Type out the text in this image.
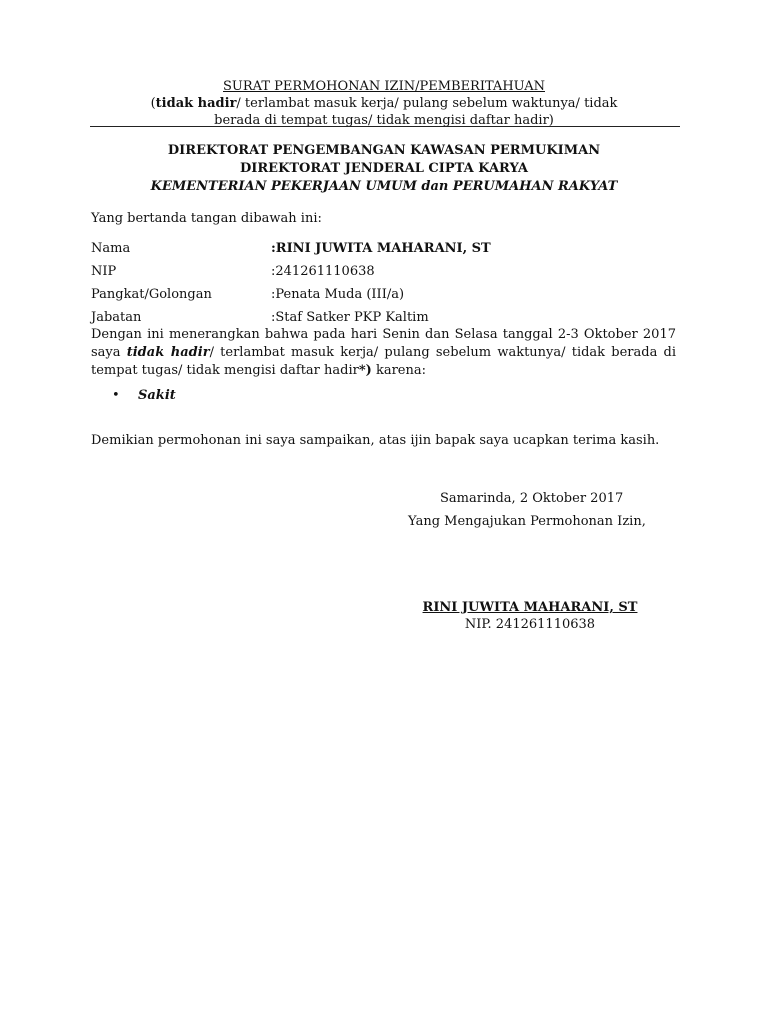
SURAT PERMOHONAN IZIN/PEMBERITAHUAN
(tidak hadir/ terlambat masuk kerja/ pulang sebelum waktunya/ tidak
berada di tempat tugas/ tidak mengisi daftar hadir)
DIREKTORAT PENGEMBANGAN KAWASAN PERMUKIMAN
DIREKTORAT JENDERAL CIPTA KARYA
KEMENTERIAN PEKERJAAN UMUM dan PERUMAHAN RAKYAT
Yang bertanda tangan dibawah ini:
Nama	:RINI JUWITA MAHARANI, ST
NIP	:241261110638
Pangkat/Golongan	:Penata Muda (III/a)
Jabatan	:Staf Satker PKP Kaltim
Dengan ini menerangkan bahwa pada hari Senin dan Selasa tanggal 2-3 Oktober 2017 saya tidak hadir/ terlambat masuk kerja/ pulang sebelum waktunya/ tidak berada di tempat tugas/ tidak mengisi daftar hadir*) karena:
• Sakit
Demikian permohonan ini saya sampaikan, atas ijin bapak saya ucapkan terima kasih.
Samarinda, 2 Oktober 2017
Yang Mengajukan Permohonan Izin,
RINI JUWITA MAHARANI, ST
NIP. 241261110638
